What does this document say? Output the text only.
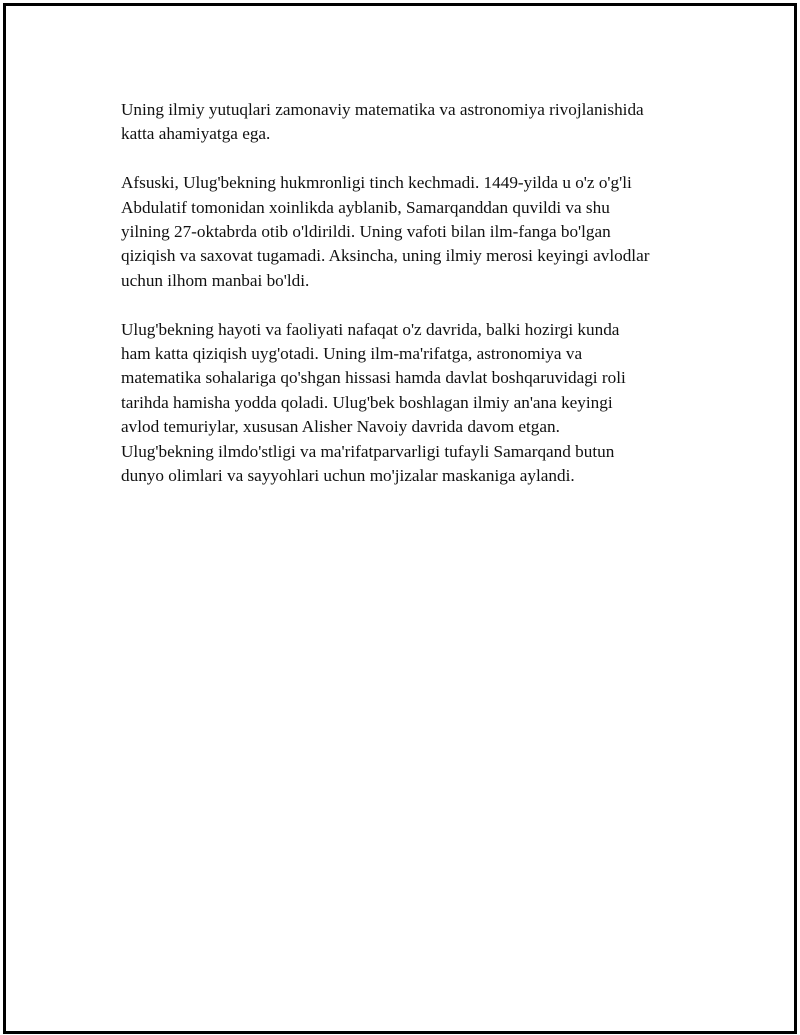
Uning ilmiy yutuqlari zamonaviy matematika va astronomiya rivojlanishida
katta ahamiyatga ega.

Afsuski, Ulug'bekning hukmronligi tinch kechmadi. 1449-yilda u o'z o'g'li
Abdulatif tomonidan xoinlikda ayblanib, Samarqanddan quvildi va shu
yilning 27-oktabrda otib o'ldirildi. Uning vafoti bilan ilm-fanga bo'lgan
qiziqish va saxovat tugamadi. Aksincha, uning ilmiy merosi keyingi avlodlar
uchun ilhom manbai bo'ldi.

Ulug'bekning hayoti va faoliyati nafaqat o'z davrida, balki hozirgi kunda
ham katta qiziqish uyg'otadi. Uning ilm-ma'rifatga, astronomiya va
matematika sohalariga qo'shgan hissasi hamda davlat boshqaruvidagi roli
tarihda hamisha yodda qoladi. Ulug'bek boshlagan ilmiy an'ana keyingi
avlod temuriylar, xususan Alisher Navoiy davrida davom etgan.
Ulug'bekning ilmdo'stligi va ma'rifatparvarligi tufayli Samarqand butun
dunyo olimlari va sayyohlari uchun mo'jizalar maskaniga aylandi.
